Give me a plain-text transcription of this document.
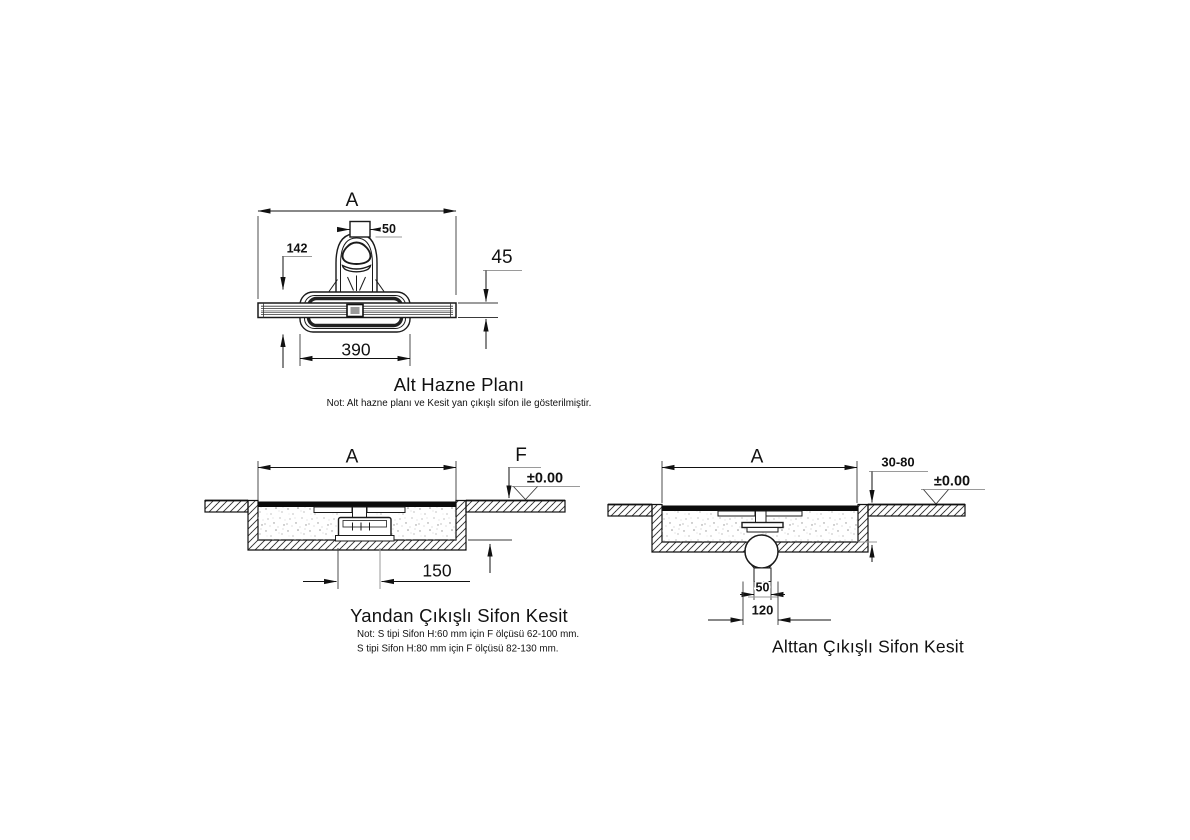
A
50
142	45
390
Alt Hazne Planı
Not: Alt hazne planı ve Kesit yan çıkışlı sifon ile gösterilmiştir.
A	F
±0.00
150
Yandan Çıkışlı Sifon Kesit
Not: S tipi Sifon H:60 mm için F ölçüsü 62-100 mm.
S tipi Sifon H:80 mm için F ölçüsü 82-130 mm.
A	30-80
±0.00
50
120
Alttan Çıkışlı Sifon Kesit
